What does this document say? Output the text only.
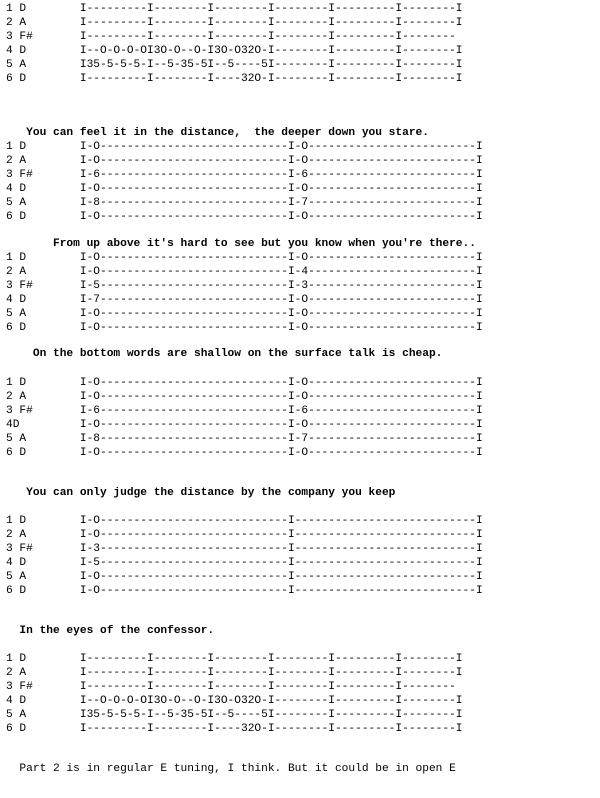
1 D        I---------I--------I--------I--------I---------I--------I
2 A        I---------I--------I--------I--------I---------I--------I
3 F#       I---------I--------I--------I--------I---------I--------
4 D        I--O-O-O-OI3O-O--O-I3O-O32O-I--------I---------I--------I
5 A        I35-5-5-5-I--5-35-5I--5----5I--------I---------I--------I
6 D        I---------I--------I----32O-I--------I---------I--------I
You can feel it in the distance,  the deeper down you stare.
1 D        I-O----------------------------I-O-------------------------I
2 A        I-O----------------------------I-O-------------------------I
3 F#       I-6----------------------------I-6-------------------------I
4 D        I-O----------------------------I-O-------------------------I
5 A        I-8----------------------------I-7-------------------------I
6 D        I-O----------------------------I-O-------------------------I
From up above it's hard to see but you know when you're there..
1 D        I-O----------------------------I-O-------------------------I
2 A        I-O----------------------------I-4-------------------------I
3 F#       I-5----------------------------I-3-------------------------I
4 D        I-7----------------------------I-O-------------------------I
5 A        I-O----------------------------I-O-------------------------I
6 D        I-O----------------------------I-O-------------------------I
On the bottom words are shallow on the surface talk is cheap.
1 D        I-O----------------------------I-O-------------------------I
2 A        I-O----------------------------I-O-------------------------I
3 F#       I-6----------------------------I-6-------------------------I
4D         I-O----------------------------I-O-------------------------I
5 A        I-8----------------------------I-7-------------------------I
6 D        I-O----------------------------I-O-------------------------I
You can only judge the distance by the company you keep
1 D        I-O----------------------------I---------------------------I
2 A        I-O----------------------------I---------------------------I
3 F#       I-3----------------------------I---------------------------I
4 D        I-5----------------------------I---------------------------I
5 A        I-O----------------------------I---------------------------I
6 D        I-O----------------------------I---------------------------I
In the eyes of the confessor.
1 D        I---------I--------I--------I--------I---------I--------I
2 A        I---------I--------I--------I--------I---------I--------I
3 F#       I---------I--------I--------I--------I---------I--------
4 D        I--O-O-O-OI3O-O--O-I3O-O32O-I--------I---------I--------I
5 A        I35-5-5-5-I--5-35-5I--5----5I--------I---------I--------I
6 D        I---------I--------I----32O-I--------I---------I--------I
Part 2 is in regular E tuning, I think. But it could be in open E
